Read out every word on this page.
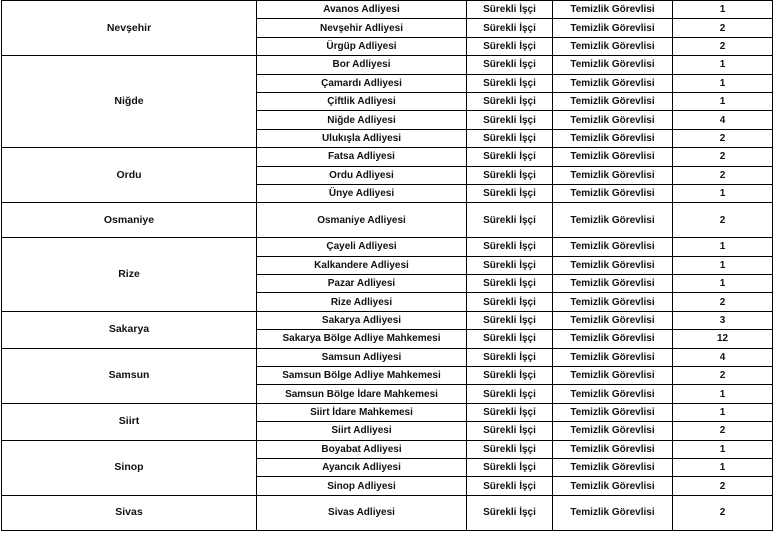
Nevşehir	Avanos Adliyesi	Sürekli İşçi	Temizlik Görevlisi	1
	Nevşehir Adliyesi	Sürekli İşçi	Temizlik Görevlisi	2
	Ürgüp Adliyesi	Sürekli İşçi	Temizlik Görevlisi	2
Niğde	Bor Adliyesi	Sürekli İşçi	Temizlik Görevlisi	1
	Çamardı Adliyesi	Sürekli İşçi	Temizlik Görevlisi	1
	Çiftlik Adliyesi	Sürekli İşçi	Temizlik Görevlisi	1
	Niğde Adliyesi	Sürekli İşçi	Temizlik Görevlisi	4
	Ulukışla Adliyesi	Sürekli İşçi	Temizlik Görevlisi	2
Ordu	Fatsa Adliyesi	Sürekli İşçi	Temizlik Görevlisi	2
	Ordu Adliyesi	Sürekli İşçi	Temizlik Görevlisi	2
	Ünye Adliyesi	Sürekli İşçi	Temizlik Görevlisi	1
Osmaniye	Osmaniye Adliyesi	Sürekli İşçi	Temizlik Görevlisi	2
Rize	Çayeli Adliyesi	Sürekli İşçi	Temizlik Görevlisi	1
	Kalkandere Adliyesi	Sürekli İşçi	Temizlik Görevlisi	1
	Pazar Adliyesi	Sürekli İşçi	Temizlik Görevlisi	1
	Rize Adliyesi	Sürekli İşçi	Temizlik Görevlisi	2
Sakarya	Sakarya Adliyesi	Sürekli İşçi	Temizlik Görevlisi	3
	Sakarya Bölge Adliye Mahkemesi	Sürekli İşçi	Temizlik Görevlisi	12
Samsun	Samsun Adliyesi	Sürekli İşçi	Temizlik Görevlisi	4
	Samsun Bölge Adliye Mahkemesi	Sürekli İşçi	Temizlik Görevlisi	2
	Samsun Bölge İdare Mahkemesi	Sürekli İşçi	Temizlik Görevlisi	1
Siirt	Siirt İdare Mahkemesi	Sürekli İşçi	Temizlik Görevlisi	1
	Siirt Adliyesi	Sürekli İşçi	Temizlik Görevlisi	2
Sinop	Boyabat Adliyesi	Sürekli İşçi	Temizlik Görevlisi	1
	Ayancık Adliyesi	Sürekli İşçi	Temizlik Görevlisi	1
	Sinop Adliyesi	Sürekli İşçi	Temizlik Görevlisi	2
Sivas	Sivas Adliyesi	Sürekli İşçi	Temizlik Görevlisi	2
